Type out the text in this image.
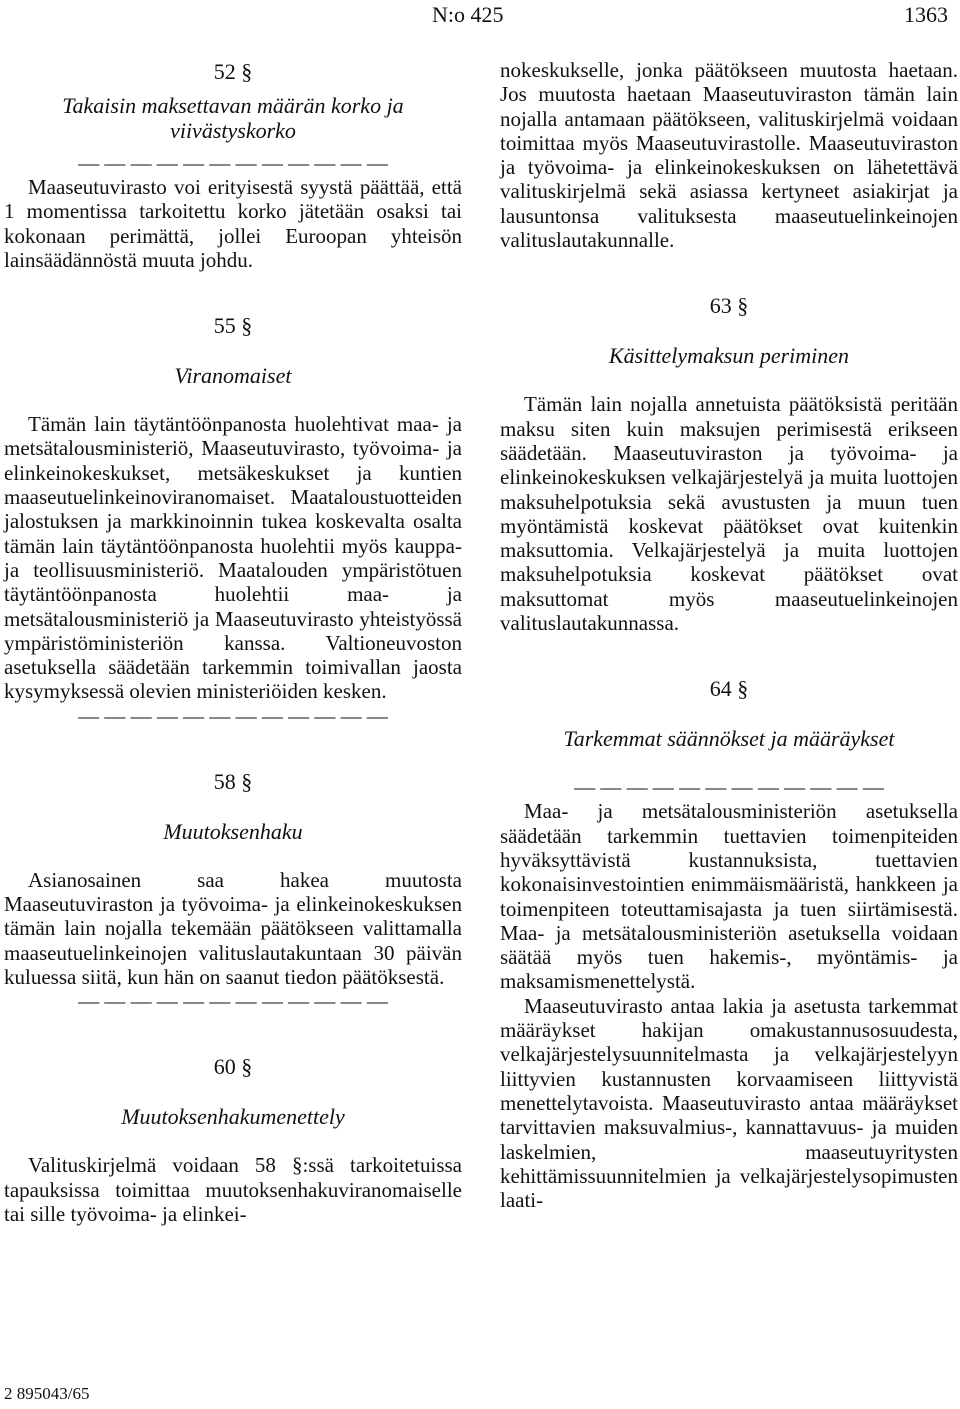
N:o 425	1363
52 §
Takaisin maksettavan määrän korko ja viivästyskorko
— — — — — — — — — — — —

Maaseutuvirasto voi erityisestä syystä päättää, että 1 momentissa tarkoitettu korko jätetään osaksi tai kokonaan perimättä, jollei Euroopan yhteisön lainsäädännöstä muuta johdu.

55 §
Viranomaiset

Tämän lain täytäntöönpanosta huolehtivat maa- ja metsätalousministeriö, Maaseutuvirasto, työvoima- ja elinkeinokeskukset, metsäkeskukset ja kuntien maaseutuelinkeinoviranomaiset. Maataloustuotteiden jalostuksen ja markkinoinnin tukea koskevalta osalta tämän lain täytäntöönpanosta huolehtii myös kauppa- ja teollisuusministeriö. Maatalouden ympäristötuen täytäntöönpanosta huolehtii maa- ja metsätalousministeriö ja Maaseutuvirasto yhteistyössä ympäristöministeriön kanssa. Valtioneuvoston asetuksella säädetään tarkemmin toimivallan jaosta kysymyksessä olevien ministeriöiden kesken.

— — — — — — — — — — — —
58 §
Muutoksenhaku

Asianosainen saa hakea muutosta Maaseutuviraston ja työvoima- ja elinkeinokeskuksen tämän lain nojalla tekemään päätökseen valittamalla maaseutuelinkeinojen valituslautakuntaan 30 päivän kuluessa siitä, kun hän on saanut tiedon päätöksestä.

— — — — — — — — — — — —
60 §
Muutoksenhakumenettely

Valituskirjelmä voidaan 58 §:ssä tarkoitetuissa tapauksissa toimittaa muutoksenhakuviranomaiselle tai sille työvoima- ja elinkei-

nokeskukselle, jonka päätökseen muutosta haetaan. Jos muutosta haetaan Maaseutuviraston tämän lain nojalla antamaan päätökseen, valituskirjelmä voidaan toimittaa myös Maaseutuvirastolle. Maaseutuviraston ja työvoima- ja elinkeinokeskuksen on lähetettävä valituskirjelmä sekä asiassa kertyneet asiakirjat ja lausuntonsa valituksesta maaseutuelinkeinojen valituslautakunnalle.

63 §
Käsittelymaksun periminen

Tämän lain nojalla annetuista päätöksistä peritään maksu siten kuin maksujen perimisestä erikseen säädetään. Maaseutuviraston ja työvoima- ja elinkeinokeskuksen velkajärjestelyä ja muita luottojen maksuhelpotuksia sekä avustusten ja muun tuen myöntämistä koskevat päätökset ovat kuitenkin maksuttomia. Velkajärjestelyä ja muita luottojen maksuhelpotuksia koskevat päätökset ovat maksuttomat myös maaseutuelinkeinojen valituslautakunnassa.

64 §
Tarkemmat säännökset ja määräykset
— — — — — — — — — — — —

Maa- ja metsätalousministeriön asetuksella säädetään tarkemmin tuettavien toimenpiteiden hyväksyttävistä kustannuksista, tuettavien kokonaisinvestointien enimmäismääristä, hankkeen ja toimenpiteen toteuttamisajasta ja tuen siirtämisestä. Maa- ja metsätalousministeriön asetuksella voidaan säätää myös tuen hakemis-, myöntämis- ja maksamismenettelystä.

Maaseutuvirasto antaa lakia ja asetusta tarkemmat määräykset hakijan omakustannusosuudesta, velkajärjestelysuunnitelmasta ja velkajärjestelyyn liittyvien kustannusten korvaamiseen liittyvistä menettelytavoista. Maaseutuvirasto antaa määräykset tarvittavien maksuvalmius-, kannattavuus- ja muiden laskelmien, maaseutuyritysten kehittämissuunnitelmien ja velkajärjestelysopimusten laati-

2 895043/65
